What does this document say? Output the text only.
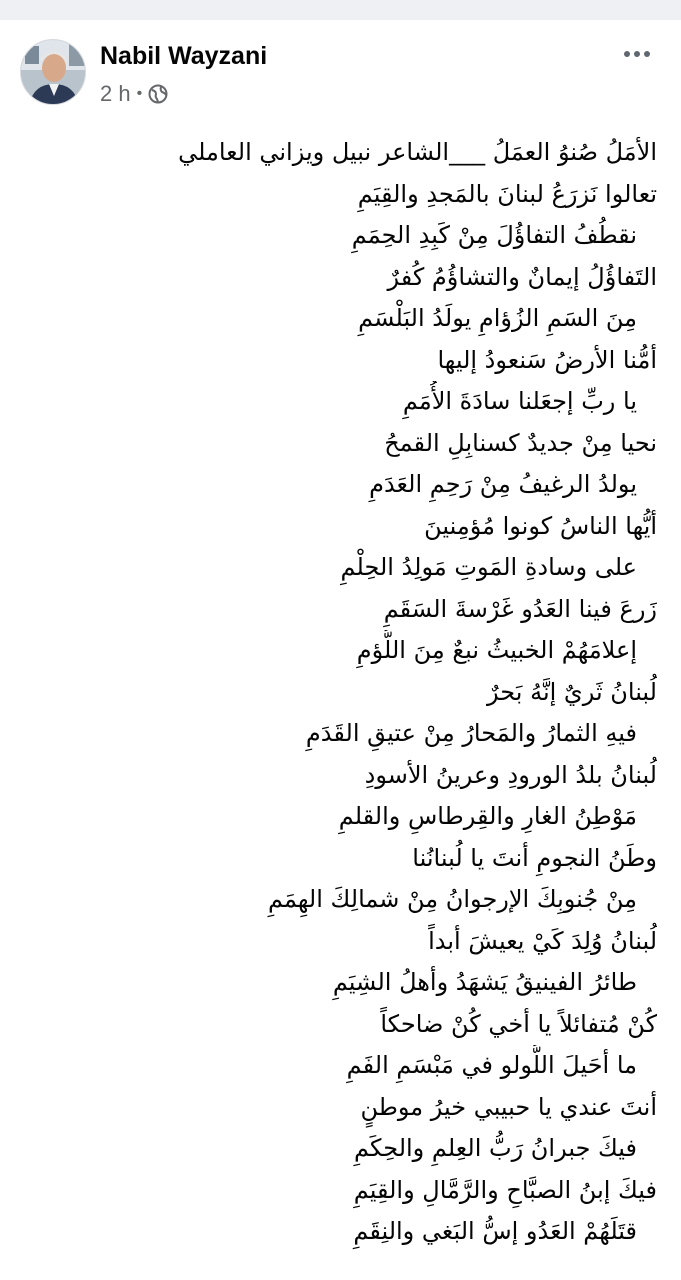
Nabil Wayzani
2 h •
الأمَلُ صُنوُ العمَلُ ___الشاعر نبيل ويزاني العاملي
تعالوا نَزرَعُ لبنانَ بالمَجدِ والقِيَمِ
نقطُفُ التفاؤُلَ مِنْ كَبِدِ الحِمَمِ
التَفاؤُلُ إيمانٌ والتشاؤُمُ كُفرٌ
مِنَ السَمِ الزُؤامِ يولَدُ البَلْسَمِ
أمُّنا الأرضُ سَنعودُ إليها
يا ربِّ إجعَلنا سادَةَ الأُمَمِ
نحيا مِنْ جديدٌ كسنابِلِ القمحُ
يولدُ الرغيفُ مِنْ رَحِمِ العَدَمِ
أيُّها الناسُ كونوا مُؤمِنينَ
على وسادةِ المَوتِ مَولِدُ الحِلْمِ
زَرعَ فينا العَدُو غَرْسةَ السَقَمِ
إعلامَهُمْ الخبيثُ نبعٌ مِنَ اللُّؤمِ
لُبنانُ ثَريٌ إنَّهُ بَحرٌ
فيهِ الثمارُ والمَحارُ مِنْ عتيقِ القَدَمِ
لُبنانُ بلدُ الورودِ وعرينُ الأسودِ
مَوْطِنُ الغارِ والقِرطاسِ والقلمِ
وطَنُ النجومِ أنتَ يا لُبنانُنا
مِنْ جُنوبِكَ الإرجوانُ مِنْ شمالِكَ الهِمَمِ
لُبنانُ وُلِدَ كَيْ يعيشَ أبداً
طائرُ الفينيقُ يَشهَدُ وأهلُ الشِيَمِ
كُنْ مُتفائلاً يا أخي كُنْ ضاحكاً
ما أحَيلَ اللُّولو في مَبْسَمِ الفَمِ
أنتَ عندي يا حبيبي خيرُ موطنٍ
فيكَ جبرانُ رَبُّ العِلمِ والحِكَمِ
فيكَ إبنُ الصبَّاحِ والرَّمَّالِ والقِيَمِ
قتَلَهُمْ العَدُو إسُّ البَغي والنِقَمِ
